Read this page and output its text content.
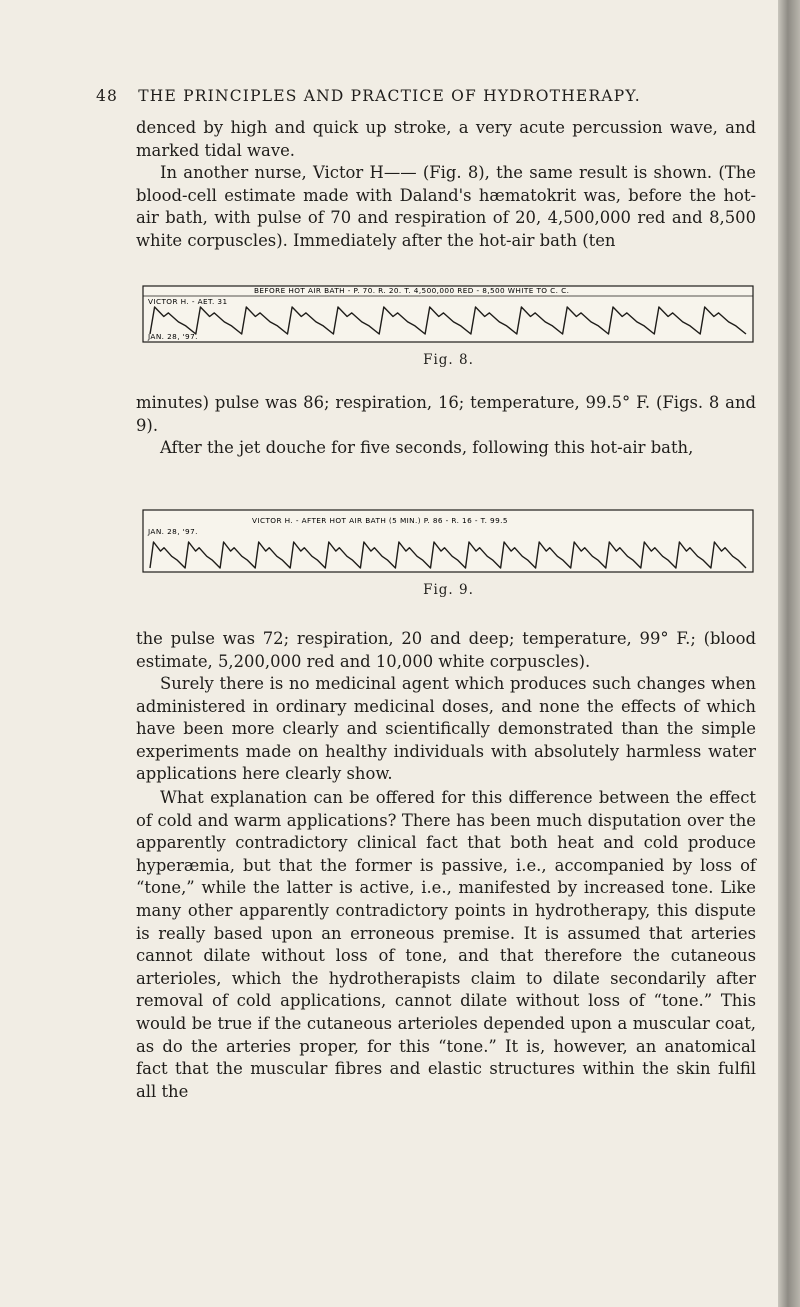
48 THE PRINCIPLES AND PRACTICE OF HYDROTHERAPY.

denced by high and quick up stroke, a very acute percussion wave, and marked tidal wave.

In another nurse, Victor H—— (Fig. 8), the same result is shown. (The blood-cell estimate made with Daland's hæmatokrit was, before the hot-air bath, with pulse of 70 and respiration of 20, 4,500,000 red and 8,500 white corpuscles). Immediately after the hot-air bath (ten

BEFORE HOT AIR BATH - P. 70. R. 20. T. 4,500,000 RED - 8,500 WHITE TO C. C.
VICTOR H. - AET. 31
JAN. 28, '97.
Fig. 8.

minutes) pulse was 86; respiration, 16; temperature, 99.5° F. (Figs. 8 and 9).

After the jet douche for five seconds, following this hot-air bath,

VICTOR H. - AFTER HOT AIR BATH (5 MIN.) P. 86 - R. 16 - T. 99.5
JAN. 28, '97.
Fig. 9.

the pulse was 72; respiration, 20 and deep; temperature, 99° F.; (blood estimate, 5,200,000 red and 10,000 white corpuscles).

Surely there is no medicinal agent which produces such changes when administered in ordinary medicinal doses, and none the effects of which have been more clearly and scientifically demonstrated than the simple experiments made on healthy individuals with absolutely harmless water applications here clearly show.

What explanation can be offered for this difference between the effect of cold and warm applications? There has been much disputation over the apparently contradictory clinical fact that both heat and cold produce hyperæmia, but that the former is passive, i.e., accompanied by loss of “tone,” while the latter is active, i.e., manifested by increased tone. Like many other apparently contradictory points in hydrotherapy, this dispute is really based upon an erroneous premise. It is assumed that arteries cannot dilate without loss of tone, and that therefore the cutaneous arterioles, which the hydrotherapists claim to dilate secondarily after removal of cold applications, cannot dilate without loss of “tone.” This would be true if the cutaneous arterioles depended upon a muscular coat, as do the arteries proper, for this “tone.” It is, however, an anatomical fact that the muscular fibres and elastic structures within the skin fulfil all the
